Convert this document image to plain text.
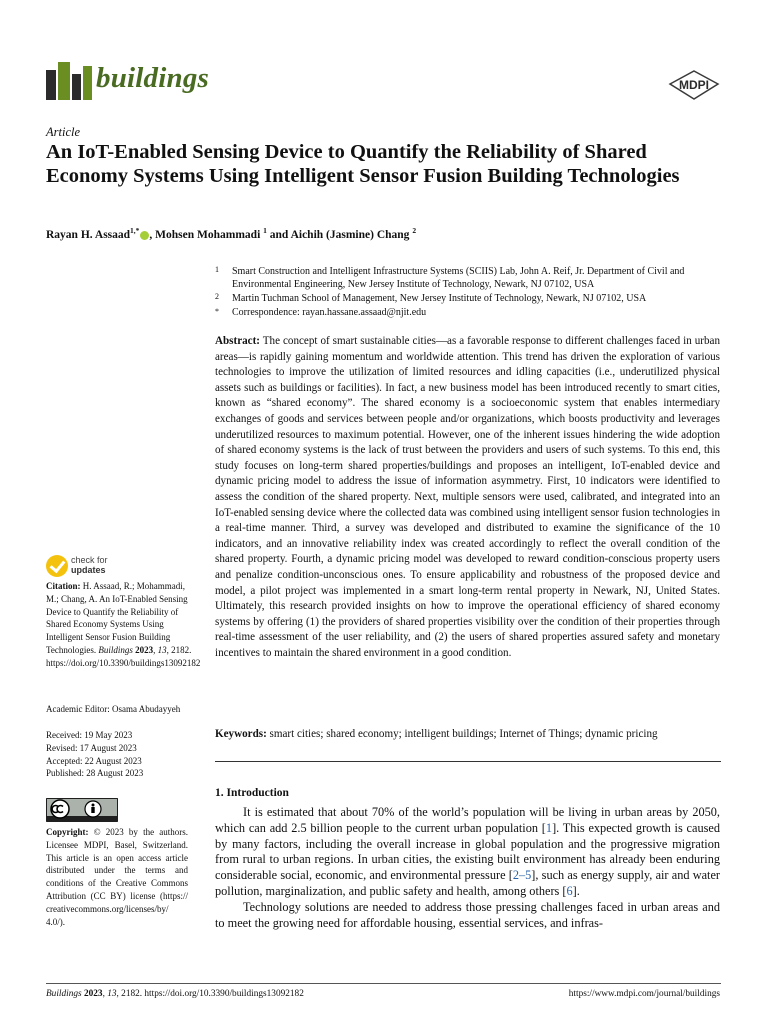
buildings	MDPI
Article
An IoT-Enabled Sensing Device to Quantify the Reliability of Shared Economy Systems Using Intelligent Sensor Fusion Building Technologies
Rayan H. Assaad$^{1,*}$ , Mohsen Mohammadi $^1$ and Aichih (Jasmine) Chang $^2$
1 Smart Construction and Intelligent Infrastructure Systems (SCIIS) Lab, John A. Reif, Jr. Department of Civil and Environmental Engineering, New Jersey Institute of Technology, Newark, NJ 07102, USA
2 Martin Tuchman School of Management, New Jersey Institute of Technology, Newark, NJ 07102, USA
* Correspondence: rayan.hassane.assaad@njit.edu
Abstract: The concept of smart sustainable cities—as a favorable response to different challenges faced in urban areas—is rapidly gaining momentum and worldwide attention. This trend has driven the exploration of various technologies to improve the utilization of limited resources and idling capacities (i.e., underutilized physical assets such as buildings or facilities). In fact, a new business model has been introduced recently to smart cities, known as “shared economy”. The shared economy is a socioeconomic system that enables intermediary exchanges of goods and services between people and/or organizations, which boosts productivity and leverages underutilized resources to maximum potential. However, one of the inherent issues hindering the wide adoption of shared economy systems is the lack of trust between the providers and users of such systems. To this end, this study focuses on long-term shared properties/buildings and proposes an intelligent, IoT-enabled device and dynamic pricing model to address the issue of information asymmetry. First, 10 indicators were identified to assess the condition of the shared property. Next, multiple sensors were used, calibrated, and integrated into an IoT-enabled sensing device where the collected data was combined using intelligent sensor fusion technologies in a real-time manner. Third, a survey was developed and distributed to examine the significance of the 10 indicators, and an innovative reliability index was created accordingly to reflect the overall condition of the shared property. Fourth, a dynamic pricing model was developed to reward condition-conscious property users and penalize condition-unconscious ones. To ensure applicability and robustness of the proposed device and model, a pilot project was implemented in a smart long-term rental property in Newark, NJ, United States. Ultimately, this research provided insights on how to improve the operational efficiency of shared economy systems by offering (1) the providers of shared properties visibility over the condition of their properties through real-time assessment of the user reliability, and (2) the users of shared properties assured safety and monetary incentives to maintain the shared environment in a good condition.
Keywords: smart cities; shared economy; intelligent buildings; Internet of Things; dynamic pricing
1. Introduction

It is estimated that about 70% of the world’s population will be living in urban areas by 2050, which can add 2.5 billion people to the current urban population [1]. This expected growth is caused by many factors, including the overall increase in global population and the progressive migration from rural to urban regions. In urban cities, the existing built environment has already been enduring considerable social, economic, and environmental pressure [2–5], such as energy supply, air and water pollution, marginalization, and public safety and health, among others [6].

Technology solutions are needed to address those pressing challenges faced in urban areas and to meet the growing need for affordable housing, essential services, and infras-

check for
updates
Citation: H. Assaad, R.; Mohammadi, M.; Chang, A. An IoT-Enabled Sensing Device to Quantify the Reliability of Shared Economy Systems Using Intelligent Sensor Fusion Building Technologies. Buildings 2023, 13, 2182. https://doi.org/10.3390/buildings13092182
Academic Editor: Osama Abudayyeh
Received: 19 May 2023
Revised: 17 August 2023
Accepted: 22 August 2023
Published: 28 August 2023
Copyright: © 2023 by the authors. Licensee MDPI, Basel, Switzerland. This article is an open access article distributed under the terms and conditions of the Creative Commons Attribution (CC BY) license (https:// creativecommons.org/licenses/by/ 4.0/).
Buildings 2023, 13, 2182. https://doi.org/10.3390/buildings13092182	https://www.mdpi.com/journal/buildings
